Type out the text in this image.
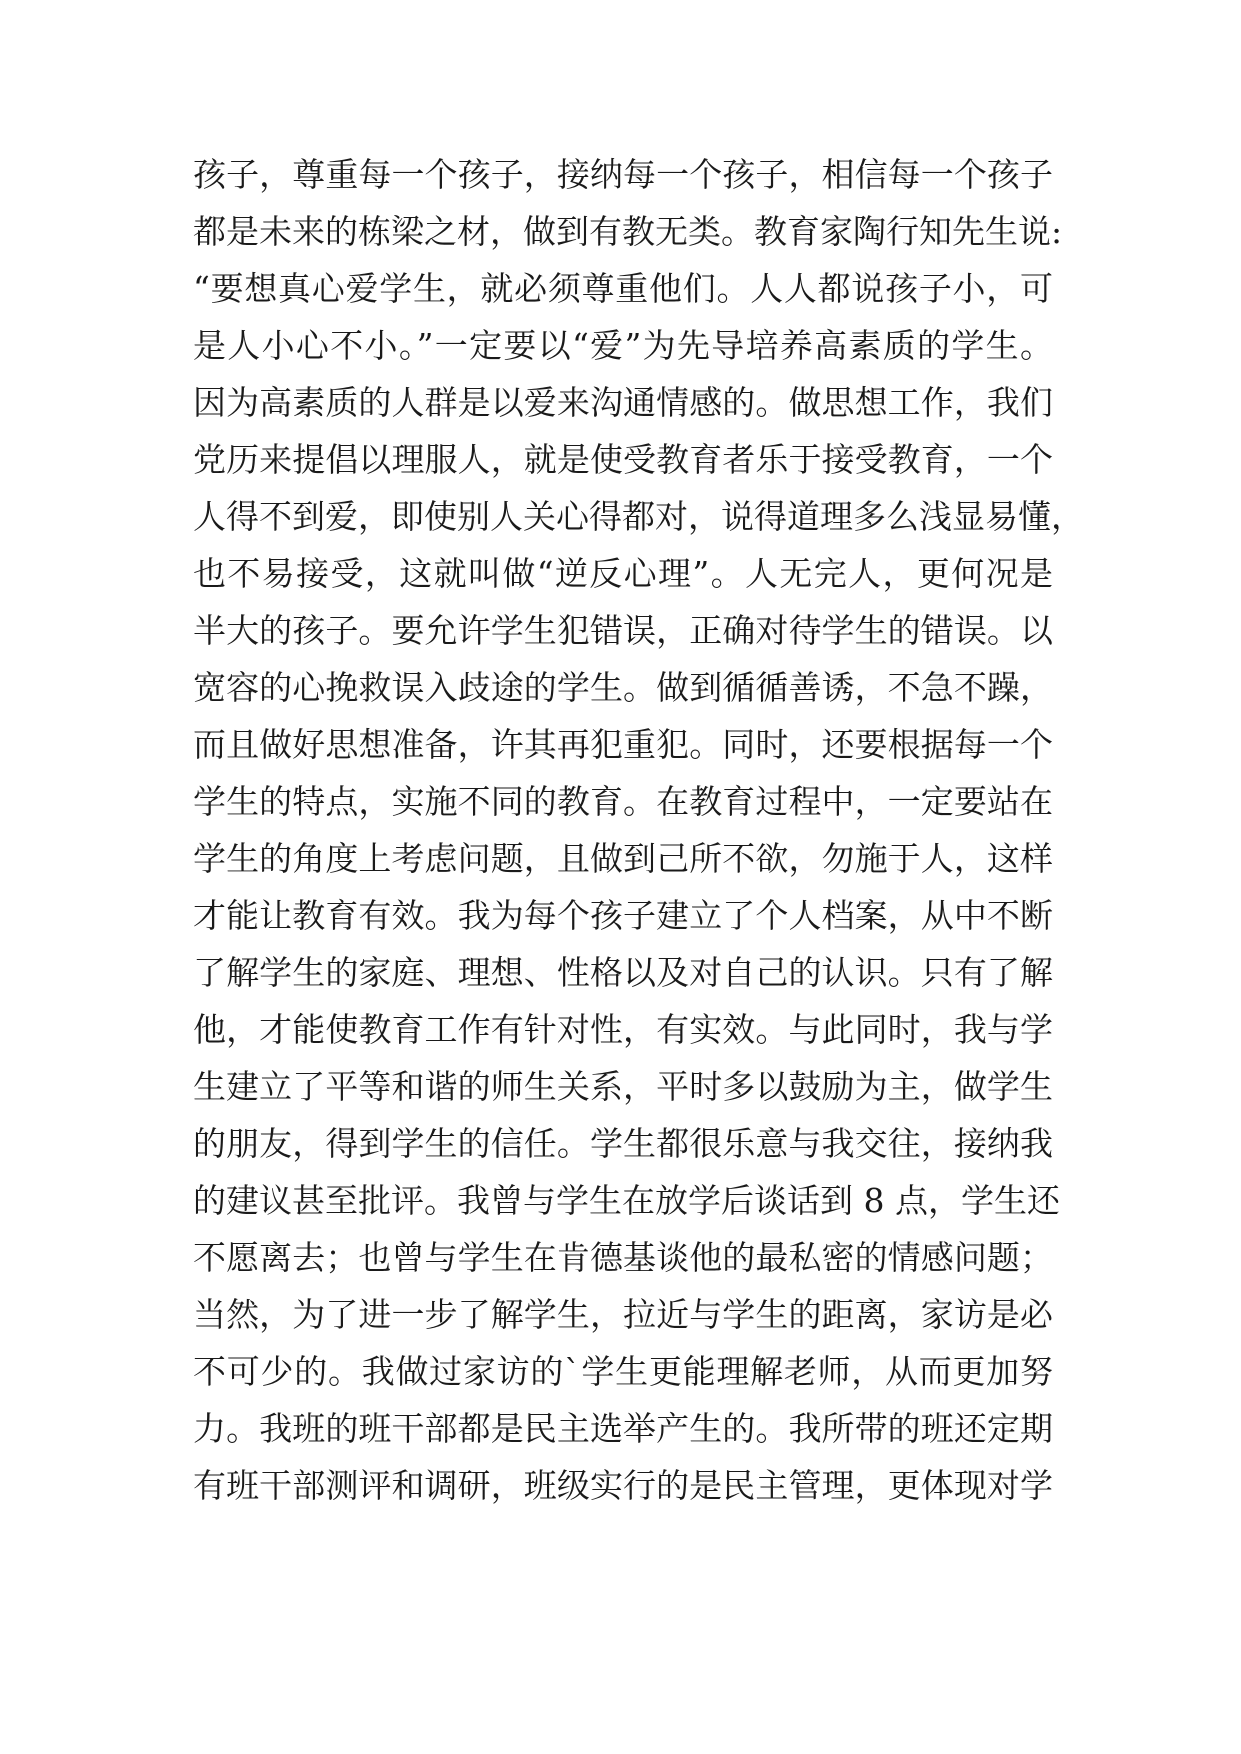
孩子，尊重每一个孩子，接纳每一个孩子，相信每一个孩子
都是未来的栋梁之材，做到有教无类。教育家陶行知先生说:
“要想真心爱学生，就必须尊重他们。人人都说孩子小，可
是人小心不小。”一定要以“爱”为先导培养高素质的学生。
因为高素质的人群是以爱来沟通情感的。做思想工作，我们
党历来提倡以理服人，就是使受教育者乐于接受教育，一个
人得不到爱，即使别人关心得都对，说得道理多么浅显易懂，
也不易接受，这就叫做“逆反心理”。人无完人，更何况是
半大的孩子。要允许学生犯错误，正确对待学生的错误。以
宽容的心挽救误入歧途的学生。做到循循善诱，不急不躁，
而且做好思想准备，许其再犯重犯。同时，还要根据每一个
学生的特点，实施不同的教育。在教育过程中，一定要站在
学生的角度上考虑问题，且做到己所不欲，勿施于人，这样
才能让教育有效。我为每个孩子建立了个人档案，从中不断
了解学生的家庭、理想、性格以及对自己的认识。只有了解
他，才能使教育工作有针对性，有实效。与此同时，我与学
生建立了平等和谐的师生关系，平时多以鼓励为主，做学生
的朋友，得到学生的信任。学生都很乐意与我交往，接纳我
的建议甚至批评。我曾与学生在放学后谈话到 8 点，学生还
不愿离去；也曾与学生在肯德基谈他的最私密的情感问题；
当然，为了进一步了解学生，拉近与学生的距离，家访是必
不可少的。我做过家访的`学生更能理解老师，从而更加努
力。我班的班干部都是民主选举产生的。我所带的班还定期
有班干部测评和调研，班级实行的是民主管理，更体现对学
